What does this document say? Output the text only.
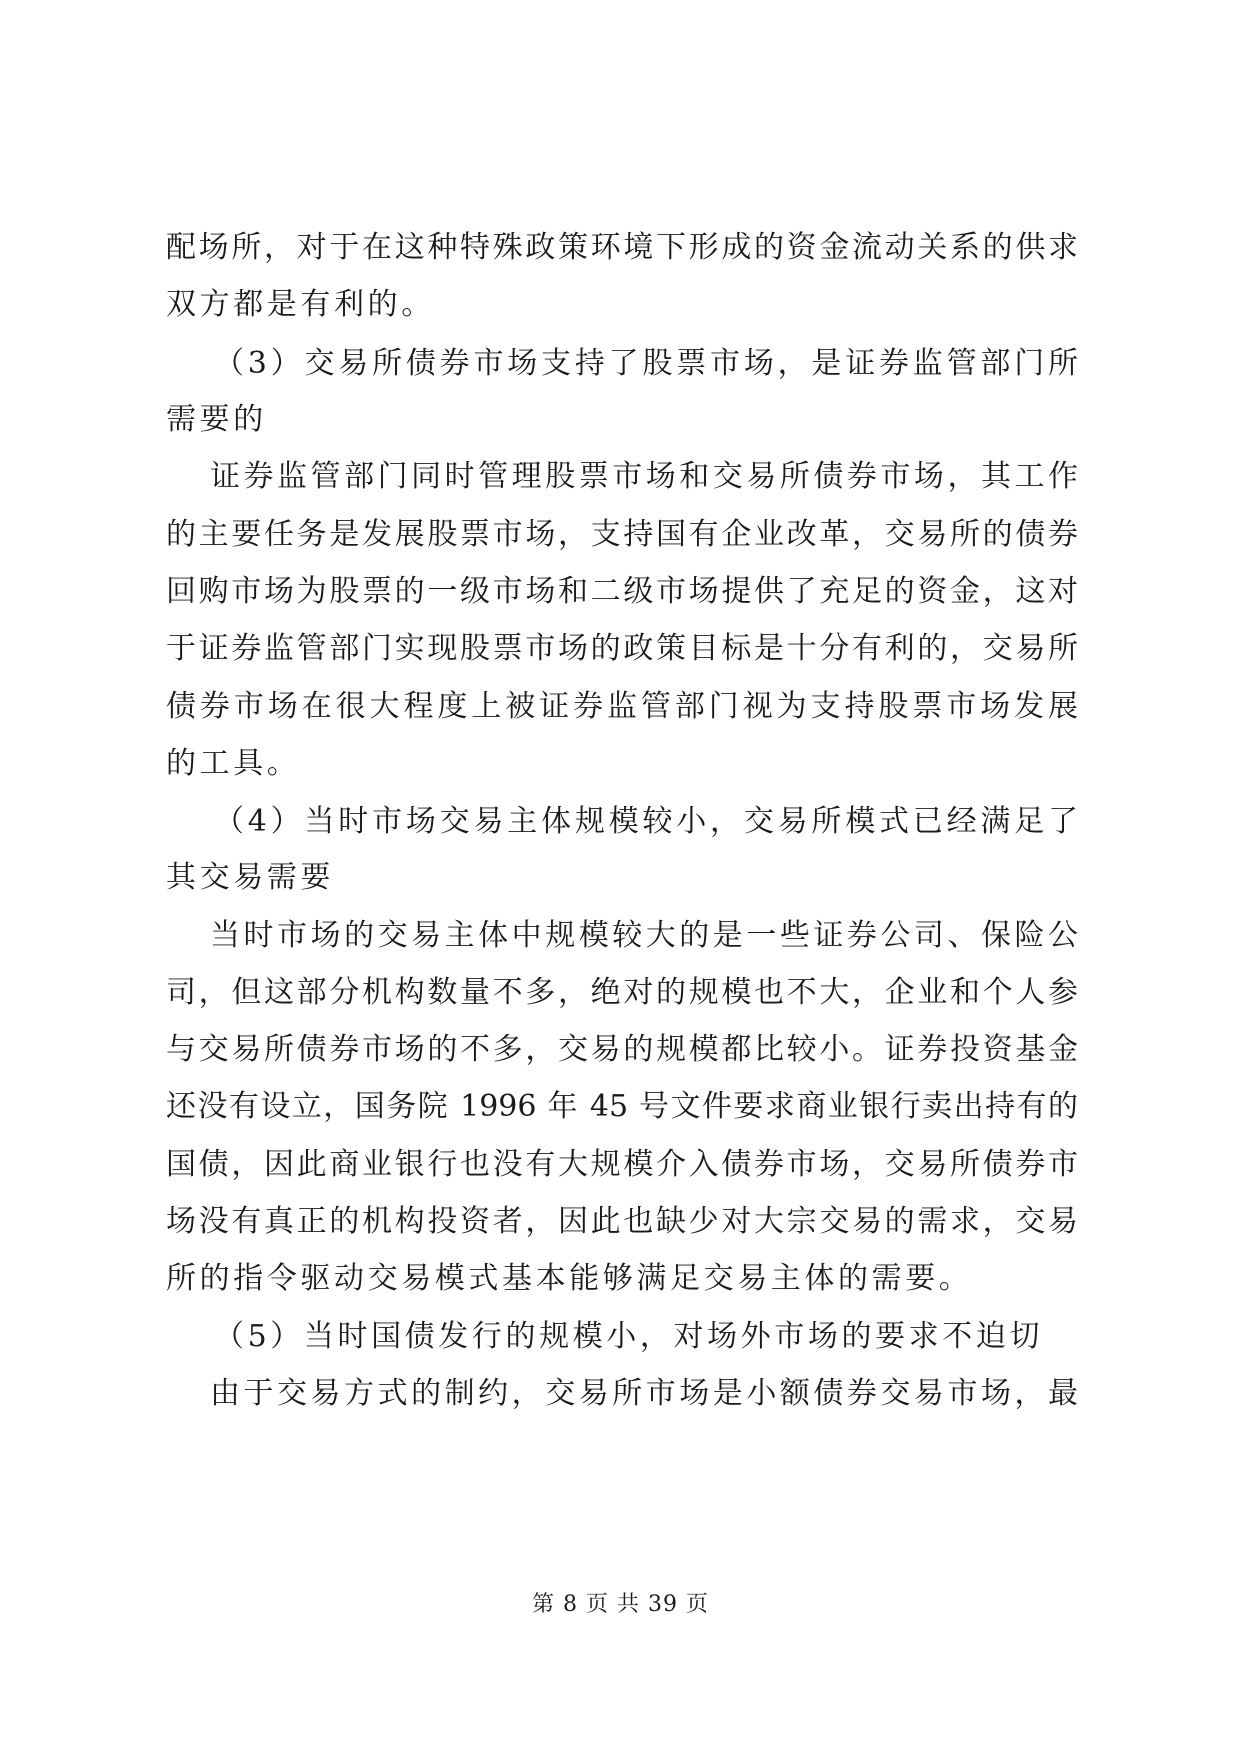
配场所，对于在这种特殊政策环境下形成的资金流动关系的供求
双方都是有利的。
（3）交易所债券市场支持了股票市场，是证券监管部门所
需要的
证券监管部门同时管理股票市场和交易所债券市场，其工作
的主要任务是发展股票市场，支持国有企业改革，交易所的债券
回购市场为股票的一级市场和二级市场提供了充足的资金，这对
于证券监管部门实现股票市场的政策目标是十分有利的，交易所
债券市场在很大程度上被证券监管部门视为支持股票市场发展
的工具。
（4）当时市场交易主体规模较小，交易所模式已经满足了
其交易需要
当时市场的交易主体中规模较大的是一些证券公司、保险公
司，但这部分机构数量不多，绝对的规模也不大，企业和个人参
与交易所债券市场的不多，交易的规模都比较小。证券投资基金
还没有设立，国务院 1996 年 45 号文件要求商业银行卖出持有的
国债，因此商业银行也没有大规模介入债券市场，交易所债券市
场没有真正的机构投资者，因此也缺少对大宗交易的需求，交易
所的指令驱动交易模式基本能够满足交易主体的需要。
（5）当时国债发行的规模小，对场外市场的要求不迫切
由于交易方式的制约，交易所市场是小额债券交易市场，最
第 8 页 共 39 页
